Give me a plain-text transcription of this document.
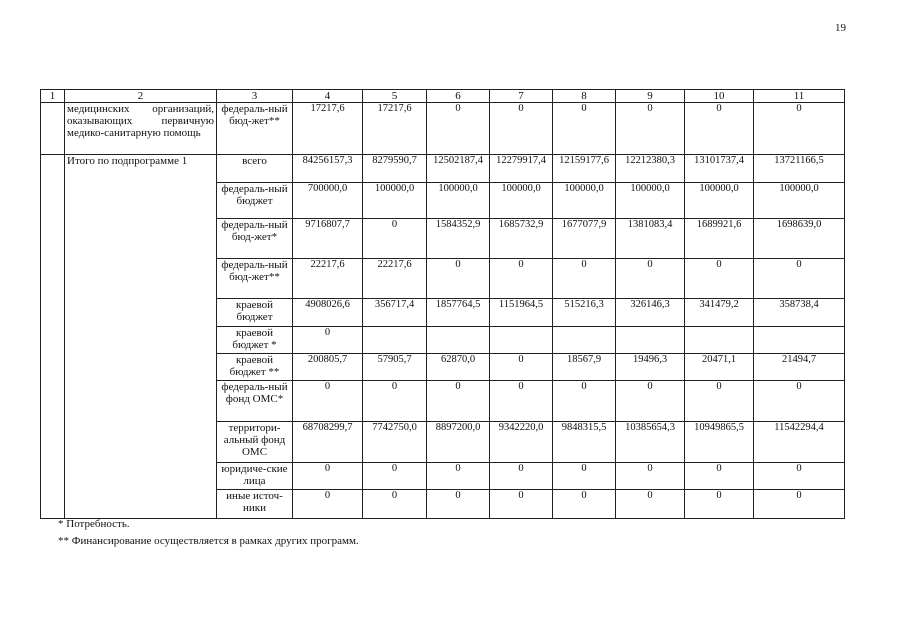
19
1	2	3	4	5	6	7	8	9	10	11
	медицинских организаций, оказывающих первичную медико-санитарную помощь	федераль-ный бюд-жет**	17217,6	17217,6	0	0	0	0	0	0
	Итого по подпрограмме 1	всего	84256157,3	8279590,7	12502187,4	12279917,4	12159177,6	12212380,3	13101737,4	13721166,5
		федераль-ный бюджет	700000,0	100000,0	100000,0	100000,0	100000,0	100000,0	100000,0	100000,0
		федераль-ный бюд-жет*	9716807,7	0	1584352,9	1685732,9	1677077,9	1381083,4	1689921,6	1698639,0
		федераль-ный бюд-жет**	22217,6	22217,6	0	0	0	0	0	0
		краевой бюджет	4908026,6	356717,4	1857764,5	1151964,5	515216,3	326146,3	341479,2	358738,4
		краевой бюджет *	0							
		краевой бюджет **	200805,7	57905,7	62870,0	0	18567,9	19496,3	20471,1	21494,7
		федераль-ный фонд ОМС*	0	0	0	0	0	0	0	0
		территори-альный фонд ОМС	68708299,7	7742750,0	8897200,0	9342220,0	9848315,5	10385654,3	10949865,5	11542294,4
		юридиче-ские лица	0	0	0	0	0	0	0	0
		иные источ-ники	0	0	0	0	0	0	0	0
* Потребность.
** Финансирование осуществляется в рамках других программ.
